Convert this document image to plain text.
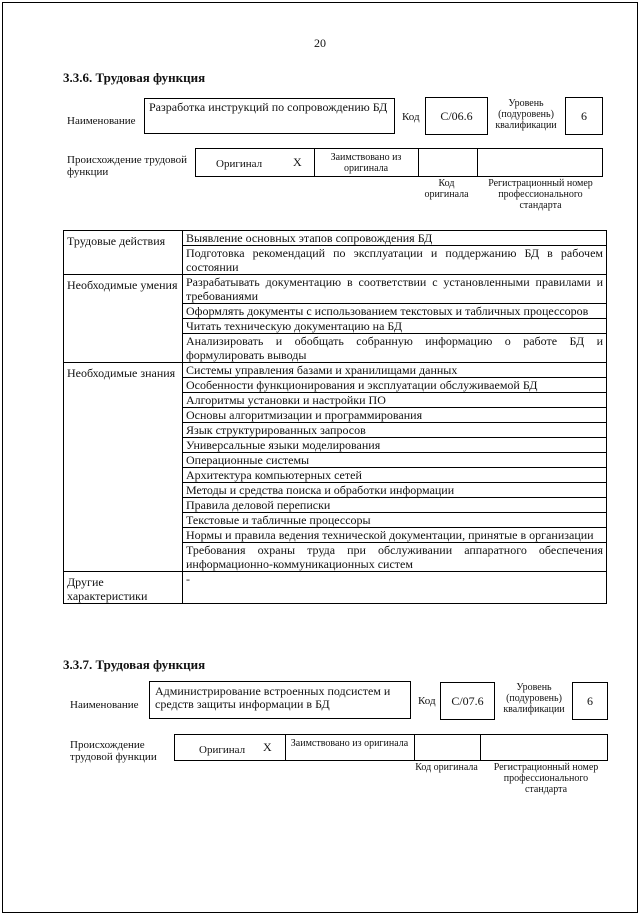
20
3.3.6. Трудовая функция
Наименование
Разработка инструкций по сопровождению БД
Код	C/06.6
Уровень (подуровень) квалификации
6
Происхождение трудовой функции
Оригинал	X	Заимствовано из оригинала
Код оригинала
Регистрационный номер профессионального стандарта
Трудовые действия	Выявление основных этапов сопровождения БД
	Подготовка рекомендаций по эксплуатации и поддержанию БД в рабочем состоянии
Необходимые умения	Разрабатывать документацию в соответствии с установленными правилами и требованиями
	Оформлять документы с использованием текстовых и табличных процессоров
	Читать техническую документацию на БД
	Анализировать и обобщать собранную информацию о работе БД и формулировать выводы
Необходимые знания	Системы управления базами и хранилищами данных
	Особенности функционирования и эксплуатации обслуживаемой БД
	Алгоритмы установки и настройки ПО
	Основы алгоритмизации и программирования
	Язык структурированных запросов
	Универсальные языки моделирования
	Операционные системы
	Архитектура компьютерных сетей
	Методы и средства поиска и обработки информации
	Правила деловой переписки
	Текстовые и табличные процессоры
	Нормы и правила ведения технической документации, принятые в организации
	Требования охраны труда при обслуживании аппаратного обеспечения информационно-коммуникационных систем
Другие характеристики	-
3.3.7. Трудовая функция
Наименование
Администрирование встроенных подсистем и средств защиты информации в БД	Код	C/07.6
Уровень (подуровень) квалификации
6
Происхождение трудовой функции
Оригинал X	Заимствовано из оригинала
Код оригинала	Регистрационный номер профессионального стандарта
